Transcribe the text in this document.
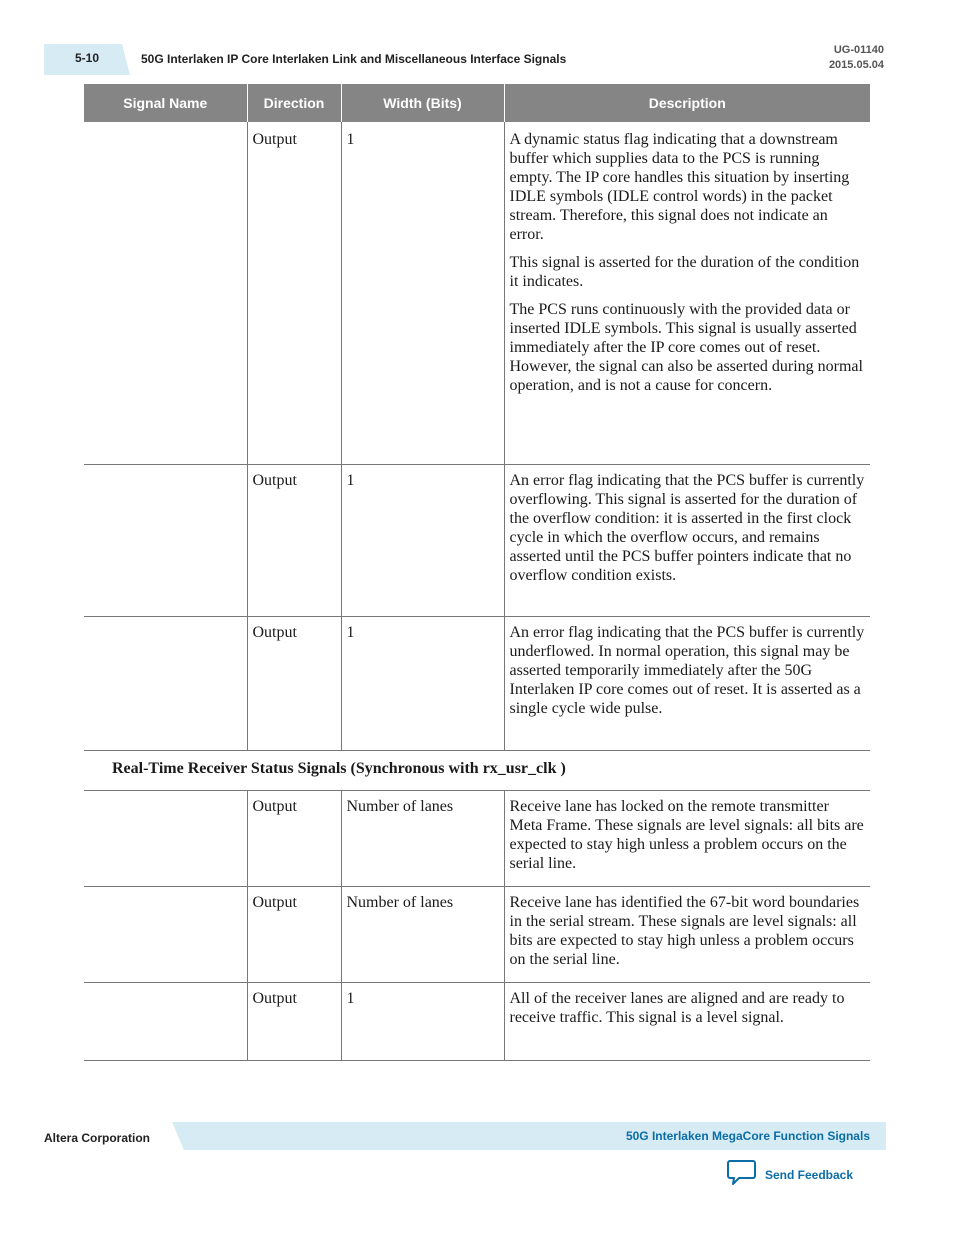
5-10	50G Interlaken IP Core Interlaken Link and Miscellaneous Interface Signals
UG-01140
2015.05.04
Signal Name	Direction	Width (Bits)	Description
	Output	1	A dynamic status flag indicating that a downstream buffer which supplies data to the PCS is running empty. The IP core handles this situation by inserting IDLE symbols (IDLE control words) in the packet stream. Therefore, this signal does not indicate an error.

This signal is asserted for the duration of the condition it indicates.

The PCS runs continuously with the provided data or inserted IDLE symbols. This signal is usually asserted immediately after the IP core comes out of reset. However, the signal can also be asserted during normal operation, and is not a cause for concern.

	Output	1	An error flag indicating that the PCS buffer is currently overflowing. This signal is asserted for the duration of the overflow condition: it is asserted in the first clock cycle in which the overflow occurs, and remains asserted until the PCS buffer pointers indicate that no overflow condition exists.

	Output	1	An error flag indicating that the PCS buffer is currently underflowed. In normal operation, this signal may be asserted temporarily immediately after the 50G Interlaken IP core comes out of reset. It is asserted as a single cycle wide pulse.

Real-Time Receiver Status Signals (Synchronous with rx_usr_clk )			
	Output	Number of lanes	Receive lane has locked on the remote transmitter Meta Frame. These signals are level signals: all bits are expected to stay high unless a problem occurs on the serial line.

	Output	Number of lanes	Receive lane has identified the 67-bit word boundaries in the serial stream. These signals are level signals: all bits are expected to stay high unless a problem occurs on the serial line.

	Output	1	All of the receiver lanes are aligned and are ready to receive traffic. This signal is a level signal.

Altera Corporation	50G Interlaken MegaCore Function Signals
Send Feedback
